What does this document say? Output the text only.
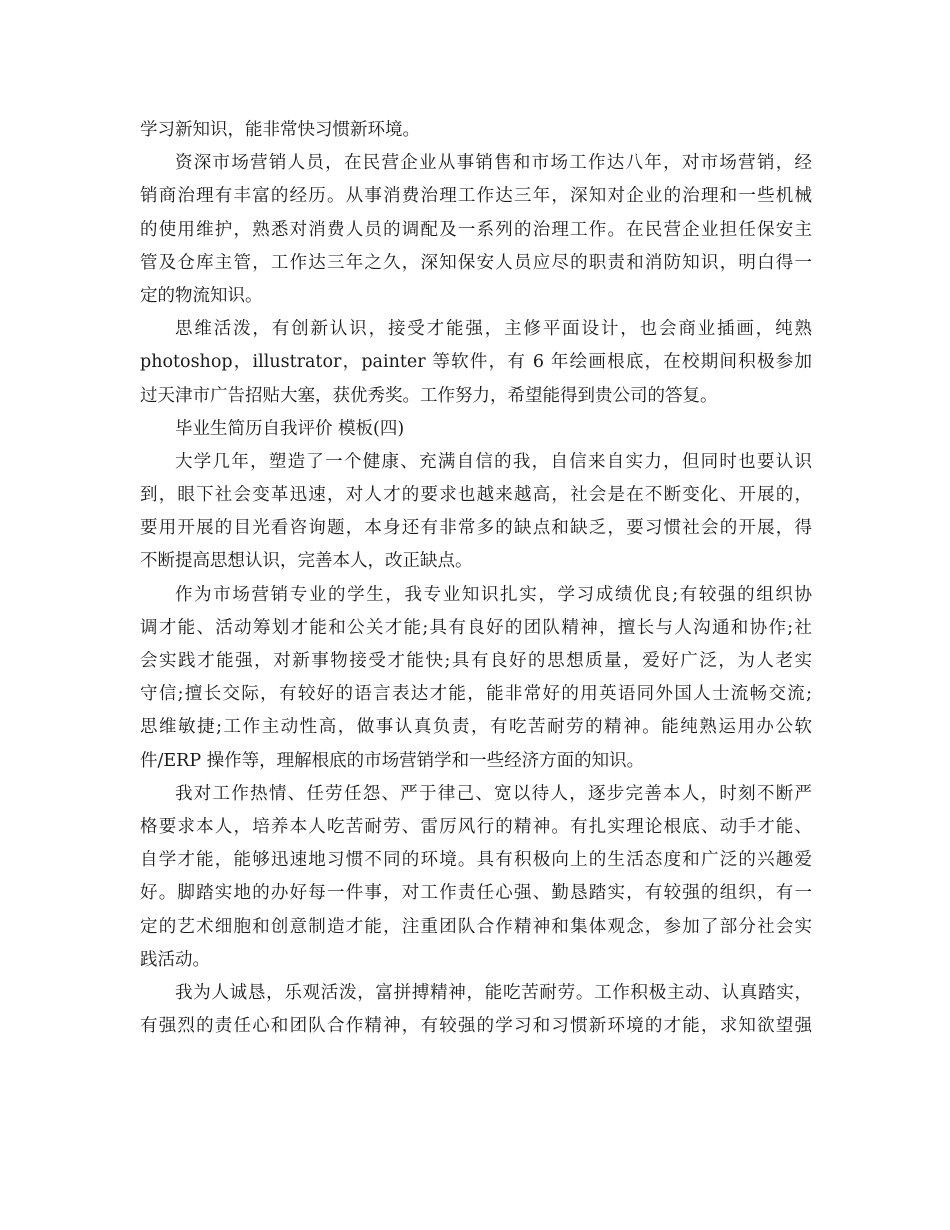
学习新知识，能非常快习惯新环境。
资深市场营销人员，在民营企业从事销售和市场工作达八年，对市场营销，经
销商治理有丰富的经历。从事消费治理工作达三年，深知对企业的治理和一些机械
的使用维护，熟悉对消费人员的调配及一系列的治理工作。在民营企业担任保安主
管及仓库主管，工作达三年之久，深知保安人员应尽的职责和消防知识，明白得一
定的物流知识。
思维活泼，有创新认识，接受才能强，主修平面设计，也会商业插画，纯熟
photoshop，illustrator，painter 等软件，有 6 年绘画根底，在校期间积极参加
过天津市广告招贴大塞，获优秀奖。工作努力，希望能得到贵公司的答复。
毕业生简历自我评价 模板(四)
大学几年，塑造了一个健康、充满自信的我，自信来自实力，但同时也要认识
到，眼下社会变革迅速，对人才的要求也越来越高，社会是在不断变化、开展的，
要用开展的目光看咨询题，本身还有非常多的缺点和缺乏，要习惯社会的开展，得
不断提高思想认识，完善本人，改正缺点。
作为市场营销专业的学生，我专业知识扎实，学习成绩优良;有较强的组织协
调才能、活动筹划才能和公关才能;具有良好的团队精神，擅长与人沟通和协作;社
会实践才能强，对新事物接受才能快;具有良好的思想质量，爱好广泛，为人老实
守信;擅长交际，有较好的语言表达才能，能非常好的用英语同外国人士流畅交流;
思维敏捷;工作主动性高，做事认真负责，有吃苦耐劳的精神。能纯熟运用办公软
件/ERP 操作等，理解根底的市场营销学和一些经济方面的知识。
我对工作热情、任劳任怨、严于律己、宽以待人，逐步完善本人，时刻不断严
格要求本人，培养本人吃苦耐劳、雷厉风行的精神。有扎实理论根底、动手才能、
自学才能，能够迅速地习惯不同的环境。具有积极向上的生活态度和广泛的兴趣爱
好。脚踏实地的办好每一件事，对工作责任心强、勤恳踏实，有较强的组织，有一
定的艺术细胞和创意制造才能，注重团队合作精神和集体观念，参加了部分社会实
践活动。
我为人诚恳，乐观活泼，富拼搏精神，能吃苦耐劳。工作积极主动、认真踏实，
有强烈的责任心和团队合作精神，有较强的学习和习惯新环境的才能，求知欲望强
